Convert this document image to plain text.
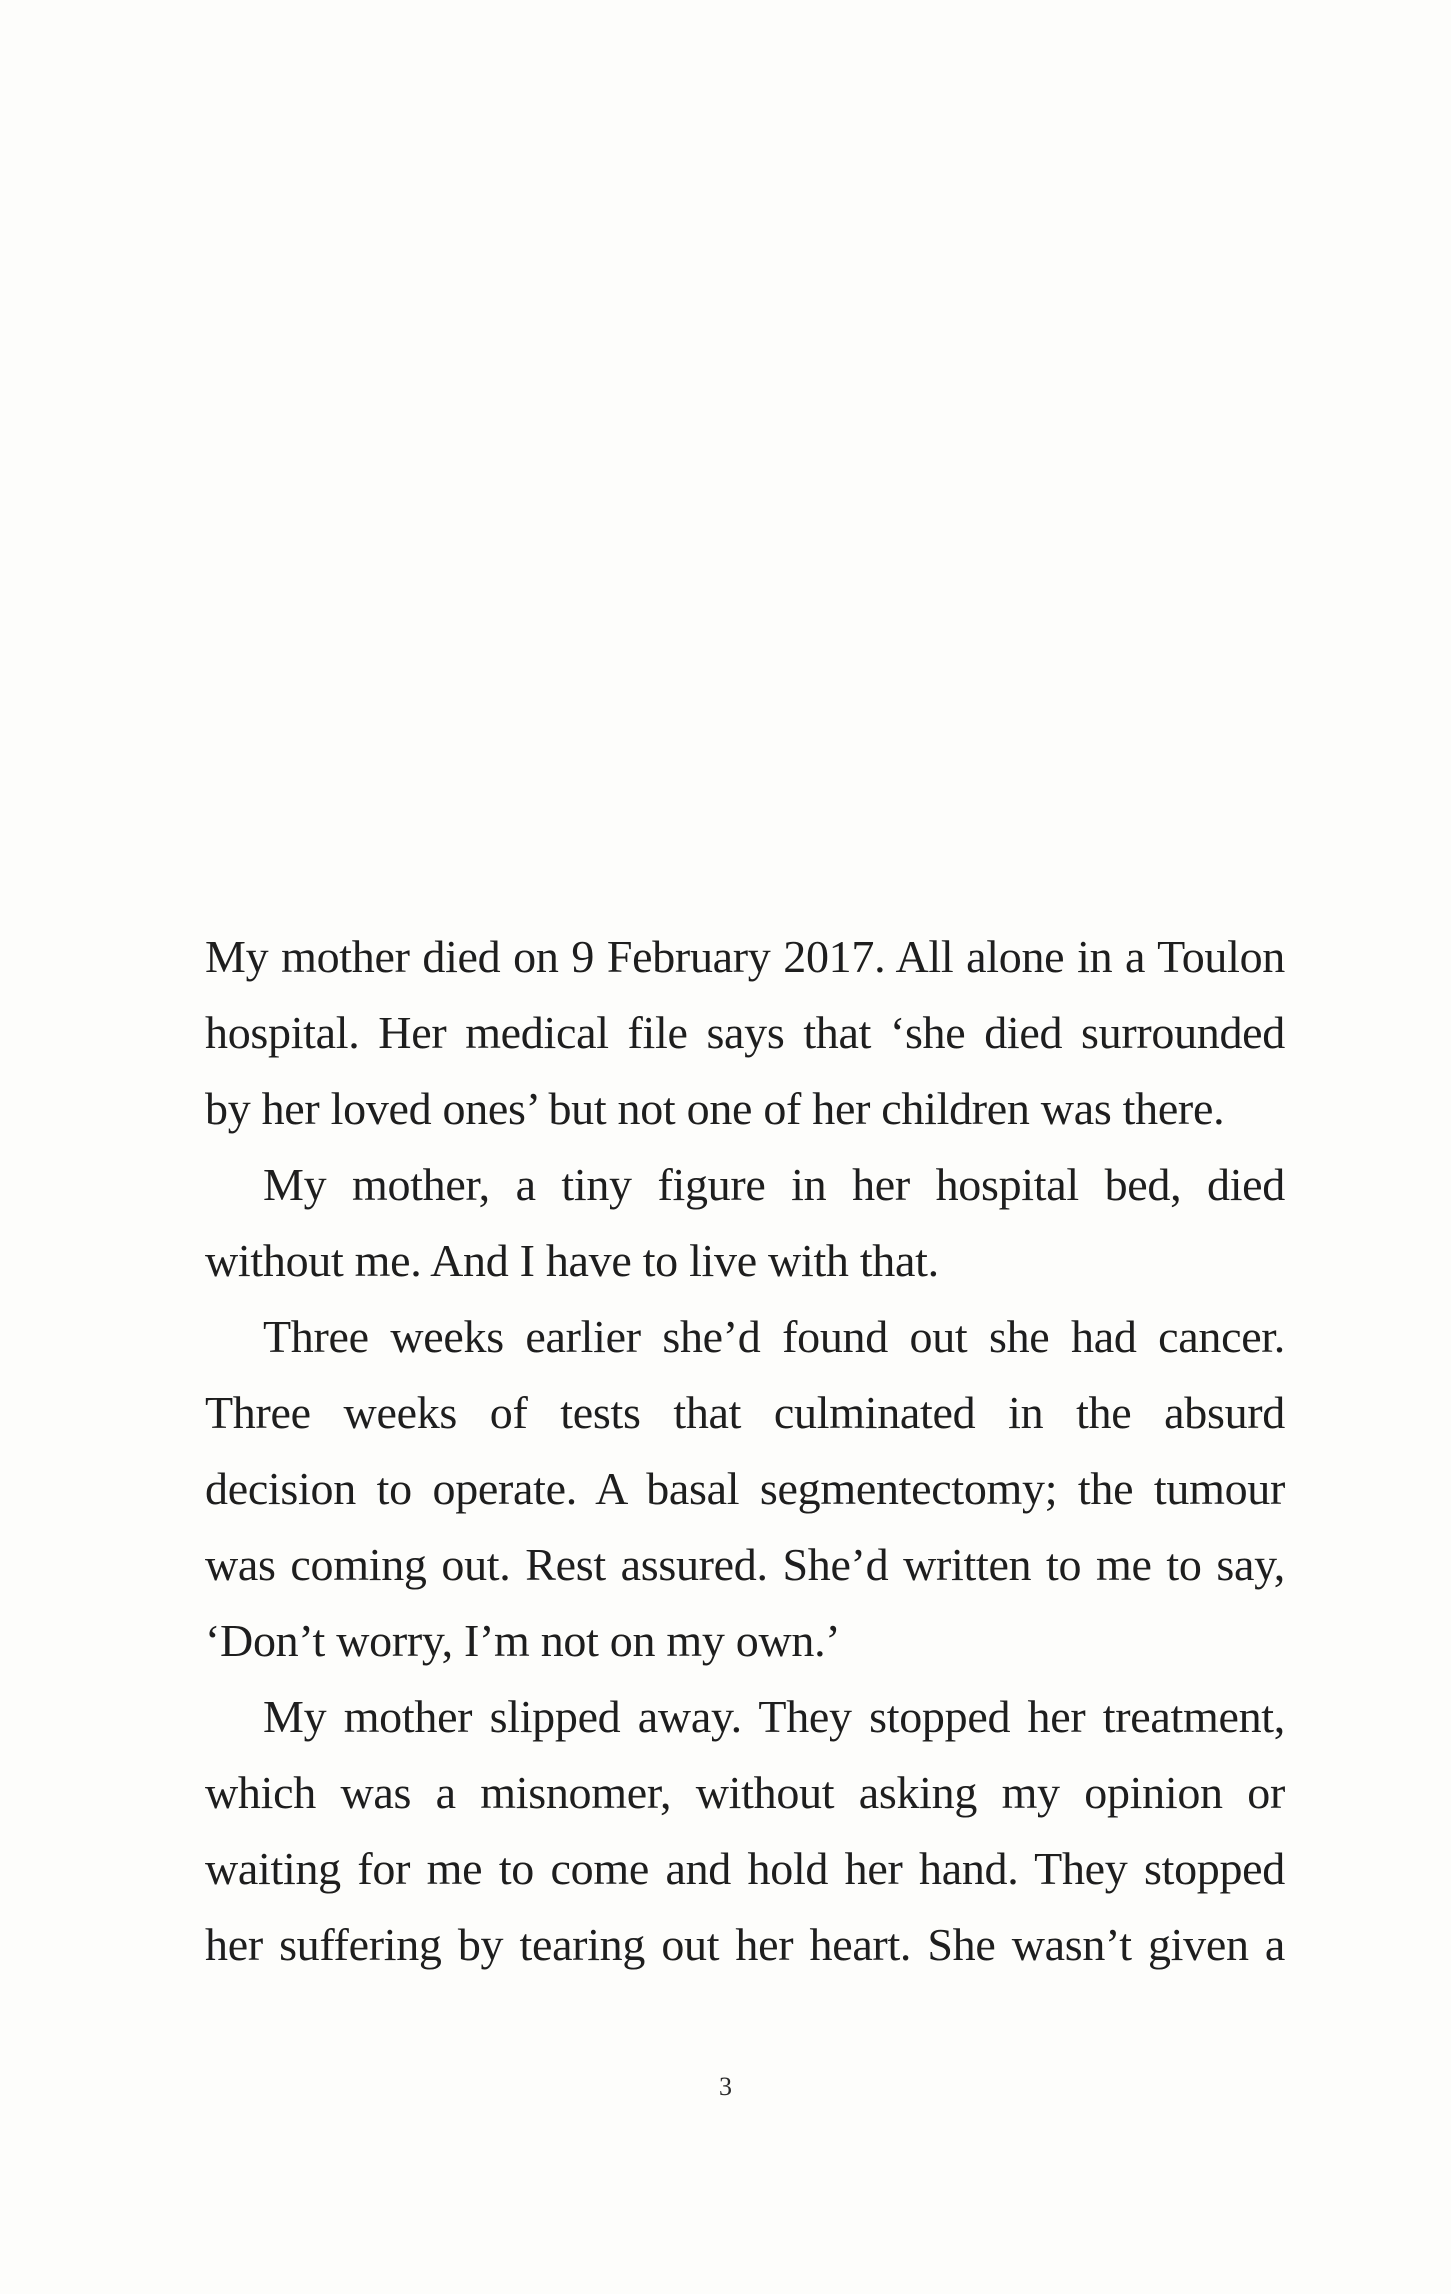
My mother died on 9 February 2017. All alone in a Toulon
hospital. Her medical file says that ‘she died surrounded
by her loved ones’ but not one of her children was there.
My mother, a tiny figure in her hospital bed, died
without me. And I have to live with that.
Three weeks earlier she’d found out she had cancer.
Three weeks of tests that culminated in the absurd
decision to operate. A basal segmentectomy; the tumour
was coming out. Rest assured. She’d written to me to say,
‘Don’t worry, I’m not on my own.’
My mother slipped away. They stopped her treatment,
which was a misnomer, without asking my opinion or
waiting for me to come and hold her hand. They stopped
her suffering by tearing out her heart. She wasn’t given a
3
